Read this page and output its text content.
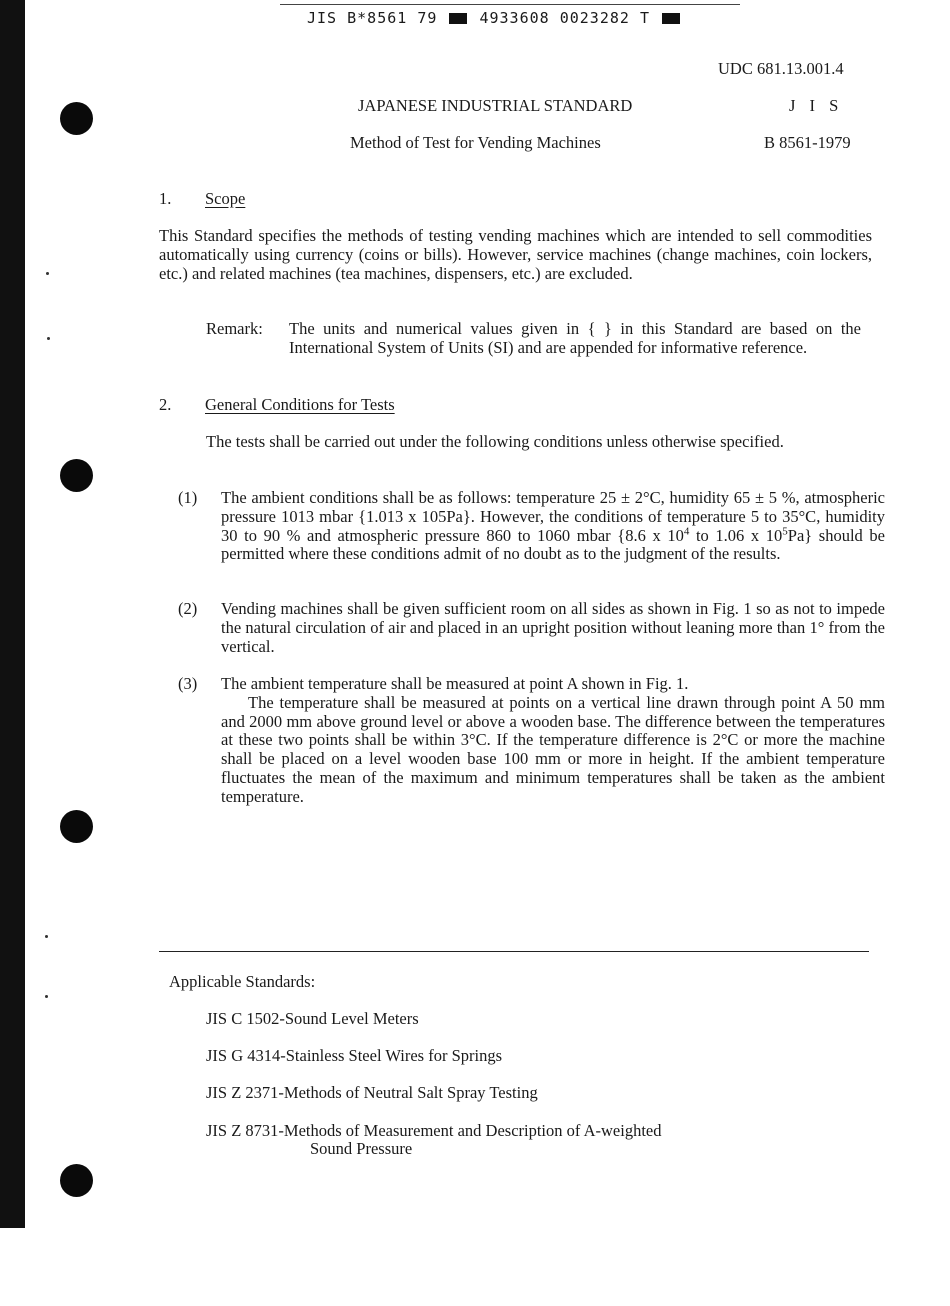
JIS B*8561 79	4933608 0023282 T
UDC 681.13.001.4
JAPANESE INDUSTRIAL STANDARD	J I S
Method of Test for Vending Machines	B 8561-1979
1. Scope
This Standard specifies the methods of testing vending machines which are intended to sell commodities automatically using currency (coins or bills). However, service machines (change machines, coin lockers, etc.) and related machines (tea machines, dispensers, etc.) are excluded.
Remark: The units and numerical values given in { } in this Standard are based on the International System of Units (SI) and are appended for informative reference.
2. General Conditions for Tests
The tests shall be carried out under the following conditions unless otherwise specified.
(1) The ambient conditions shall be as follows: temperature 25 ± 2°C, humidity 65 ± 5 %, atmospheric pressure 1013 mbar {1.013 x 105Pa}. However, the conditions of temperature 5 to 35°C, humidity 30 to 90 % and atmospheric pressure 860 to 1060 mbar {8.6 x $10^4$ to 1.06 x $10^5Pa$} should be permitted where these conditions admit of no doubt as to the judgment of the results.
(2) Vending machines shall be given sufficient room on all sides as shown in Fig. 1 so as not to impede the natural circulation of air and placed in an upright position without leaning more than 1° from the vertical.
(3) The ambient temperature shall be measured at point A shown in Fig. 1.
The temperature shall be measured at points on a vertical line drawn through point A 50 mm and 2000 mm above ground level or above a wooden base. The difference between the temperatures at these two points shall be within 3°C. If the temperature difference is 2°C or more the machine shall be placed on a level wooden base 100 mm or more in height. If the ambient temperature fluctuates the mean of the maximum and minimum temperatures shall be taken as the ambient temperature.
Applicable Standards:
JIS C 1502-Sound Level Meters
JIS G 4314-Stainless Steel Wires for Springs
JIS Z 2371-Methods of Neutral Salt Spray Testing
JIS Z 8731-Methods of Measurement and Description of A-weighted
Sound Pressure
